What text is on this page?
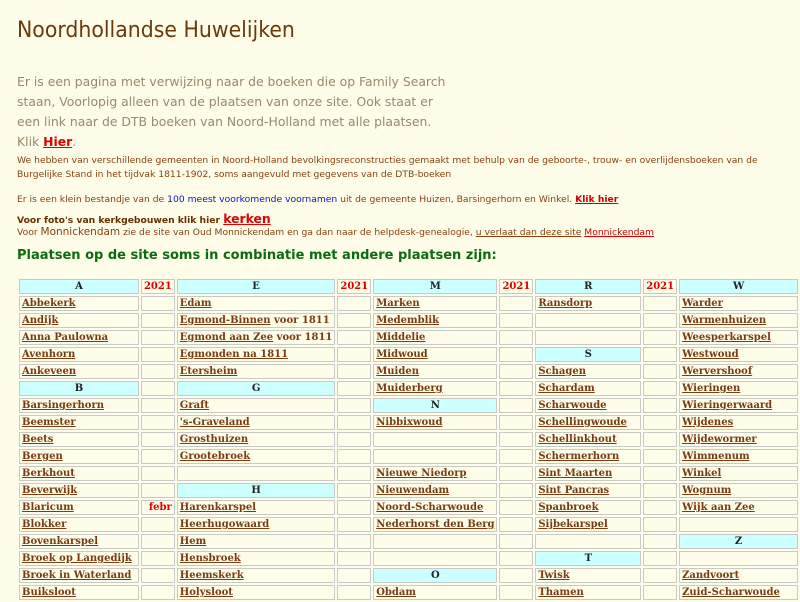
Noordhollandse Huwelijken

Er is een pagina met verwijzing naar de boeken die op Family Search staan, Voorlopig alleen van de plaatsen van onze site. Ook staat er een link naar de DTB boeken van Noord-Holland met alle plaatsen. Klik Hier.

We hebben van verschillende gemeenten in Noord-Holland bevolkingsreconstructies gemaakt met behulp van de geboorte-, trouw- en overlijdensboeken van de Burgelijke Stand in het tijdvak 1811-1902, soms aangevuld met gegevens van de DTB-boeken

Er is een klein bestandje van de 100 meest voorkomende voornamen uit de gemeente Huizen, Barsingerhorn en Winkel. Klik hier

Voor foto's van kerkgebouwen klik hier kerken

Voor Monnickendam zie de site van Oud Monnickendam en ga dan naar de helpdesk-genealogie, u verlaat dan deze site Monnickendam

Plaatsen op de site soms in combinatie met andere plaatsen zijn:
A	2021	E	2021	M	2021	R	2021	W
Abbekerk		Edam		Marken		Ransdorp		Warder
Andijk		Egmond-Binnen voor 1811		Medemblik				Warmenhuizen
Anna Paulowna		Egmond aan Zee voor 1811		Middelie				Weesperkarspel
Avenhorn		Egmonden na 1811		Midwoud		S		Westwoud
Ankeveen		Etersheim		Muiden		Schagen		Wervershoof
B		G		Muiderberg		Schardam		Wieringen
Barsingerhorn		Graft		N		Scharwoude		Wieringerwaard
Beemster		's-Graveland		Nibbixwoud		Schellingwoude		Wijdenes
Beets		Grosthuizen				Schellinkhout		Wijdewormer
Bergen		Grootebroek				Schermerhorn		Wimmenum
Berkhout				Nieuwe Niedorp		Sint Maarten		Winkel
Beverwijk		H		Nieuwendam		Sint Pancras		Wognum
Blaricum	febr	Harenkarspel		Noord-Scharwoude		Spanbroek		Wijk aan Zee
Blokker		Heerhugowaard		Nederhorst den Berg		Sijbekarspel		
Bovenkarspel		Hem						Z
Broek op Langedijk		Hensbroek				T		
Broek in Waterland		Heemskerk		O		Twisk		Zandvoort
Buiksloot		Holysloot		Obdam		Thamen		Zuid-Scharwoude
